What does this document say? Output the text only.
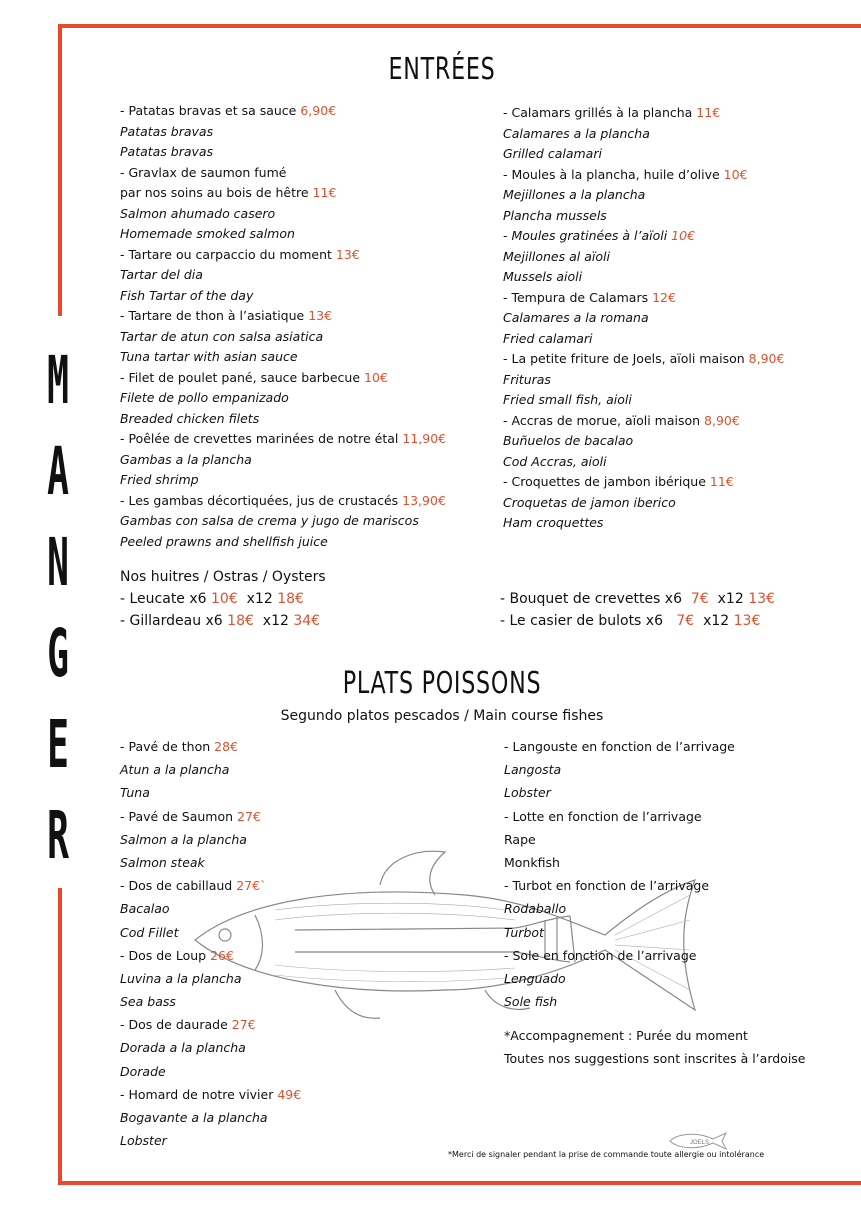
M
A
N
G
E
R
ENTRÉES
- Patatas bravas et sa sauce 6,90€
Patatas bravas
Patatas bravas
- Gravlax de saumon fumé
par nos soins au bois de hêtre 11€
Salmon ahumado casero
Homemade smoked salmon
- Tartare ou carpaccio du moment 13€
Tartar del dia
Fish Tartar of the day
- Tartare de thon à l’asiatique 13€
Tartar de atun con salsa asiatica
Tuna tartar with asian sauce
- Filet de poulet pané, sauce barbecue 10€
Filete de pollo empanizado
Breaded chicken filets
- Poêlée de crevettes marinées de notre étal 11,90€
Gambas a la plancha
Fried shrimp
- Les gambas décortiquées, jus de crustacés 13,90€
Gambas con salsa de crema y jugo de mariscos
Peeled prawns and shellfish juice
- Calamars grillés à la plancha 11€
Calamares a la plancha
Grilled calamari
- Moules à la plancha, huile d’olive 10€
Mejillones a la plancha
Plancha mussels
- Moules gratinées à l’aïoli 10€
Mejillones al aïoli
Mussels aioli
- Tempura de Calamars 12€
Calamares a la romana
Fried calamari
- La petite friture de Joels, aïoli maison 8,90€
Frituras
Fried small fish, aioli
- Accras de morue, aïoli maison 8,90€
Buñuelos de bacalao
Cod Accras, aioli
- Croquettes de jambon ibérique 11€
Croquetas de jamon iberico
Ham croquettes
Nos huitres / Ostras / Oysters
- Leucate x6 10€  x12 18€
- Gillardeau x6 18€  x12 34€
- Bouquet de crevettes x6  7€  x12 13€
- Le casier de bulots x6   7€  x12 13€
PLATS POISSONS
Segundo platos pescados / Main course fishes
- Pavé de thon 28€
Atun a la plancha
Tuna
- Pavé de Saumon 27€
Salmon a la plancha
Salmon steak
- Dos de cabillaud 27€`
Bacalao
Cod Fillet
- Dos de Loup 26€
Luvina a la plancha
Sea bass
- Dos de daurade 27€
Dorada a la plancha
Dorade
- Homard de notre vivier 49€
Bogavante a la plancha
Lobster
- Langouste en fonction de l’arrivage
Langosta
Lobster
- Lotte en fonction de l’arrivage
Rape
Monkfish
- Turbot en fonction de l’arrivage
Rodaballo
Turbot
- Sole en fonction de l’arrivage
Lenguado
Sole fish
*Accompagnement : Purée du moment
Toutes nos suggestions sont inscrites à l’ardoise
JOELS
*Merci de signaler pendant la prise de commande toute allergie ou intolérance
